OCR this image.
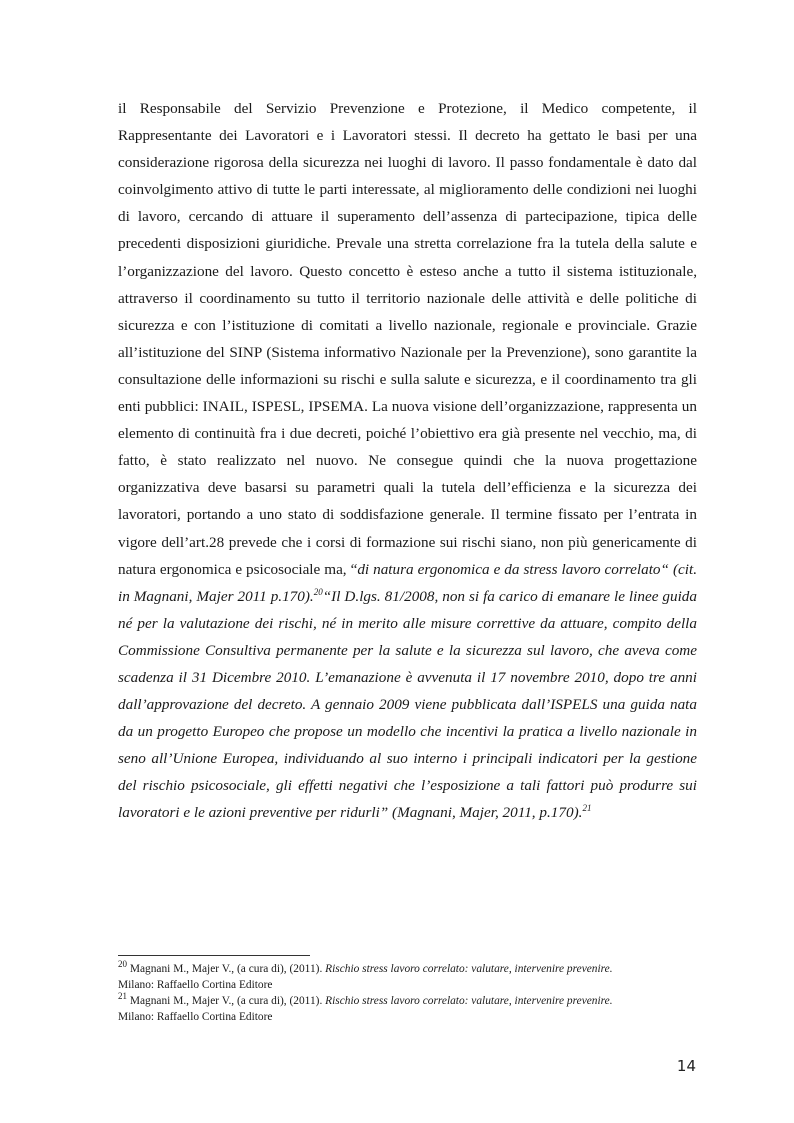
il Responsabile del Servizio Prevenzione e Protezione, il Medico competente, il Rappresentante dei Lavoratori e i Lavoratori stessi. Il decreto ha gettato le basi per una considerazione rigorosa della sicurezza nei luoghi di lavoro. Il passo fondamentale è dato dal coinvolgimento attivo di tutte le parti interessate, al miglioramento delle condizioni nei luoghi di lavoro, cercando di attuare il superamento dell’assenza di partecipazione, tipica delle precedenti disposizioni giuridiche. Prevale una stretta correlazione fra la tutela della salute e l’organizzazione del lavoro. Questo concetto è esteso anche a tutto il sistema istituzionale, attraverso il coordinamento su tutto il territorio nazionale delle attività e delle politiche di sicurezza e con l’istituzione di comitati a livello nazionale, regionale e provinciale. Grazie all’istituzione del SINP (Sistema informativo Nazionale per la Prevenzione), sono garantite la consultazione delle informazioni su rischi e sulla salute e sicurezza, e il coordinamento tra gli enti pubblici: INAIL, ISPESL, IPSEMA. La nuova visione dell’organizzazione, rappresenta un elemento di continuità fra i due decreti, poiché l’obiettivo era già presente nel vecchio, ma, di fatto, è stato realizzato nel nuovo. Ne consegue quindi che la nuova progettazione organizzativa deve basarsi su parametri quali la tutela dell’efficienza e la sicurezza dei lavoratori, portando a uno stato di soddisfazione generale. Il termine fissato per l’entrata in vigore dell’art.28 prevede che i corsi di formazione sui rischi siano, non più genericamente di natura ergonomica e psicosociale ma, “di natura ergonomica e da stress lavoro correlato“ (cit. in Magnani, Majer 2011 p.170).$^{20}$“Il D.lgs. 81/2008, non si fa carico di emanare le linee guida né per la valutazione dei rischi, né in merito alle misure correttive da attuare, compito della Commissione Consultiva permanente per la salute e la sicurezza sul lavoro, che aveva come scadenza il 31 Dicembre 2010. L’emanazione è avvenuta il 17 novembre 2010, dopo tre anni dall’approvazione del decreto. A gennaio 2009 viene pubblicata dall’ISPELS una guida nata da un progetto Europeo che propose un modello che incentivi la pratica a livello nazionale in seno all’Unione Europea, individuando al suo interno i principali indicatori per la gestione del rischio psicosociale, gli effetti negativi che l’esposizione a tali fattori può produrre sui lavoratori e le azioni preventive per ridurli” (Magnani, Majer, 2011, p.170).$^{21}$

$^{20}$ Magnani M., Majer V., (a cura di), (2011). Rischio stress lavoro correlato: valutare, intervenire prevenire.
Milano: Raffaello Cortina Editore

$^{21}$ Magnani M., Majer V., (a cura di), (2011). Rischio stress lavoro correlato: valutare, intervenire prevenire.
Milano: Raffaello Cortina Editore

14
